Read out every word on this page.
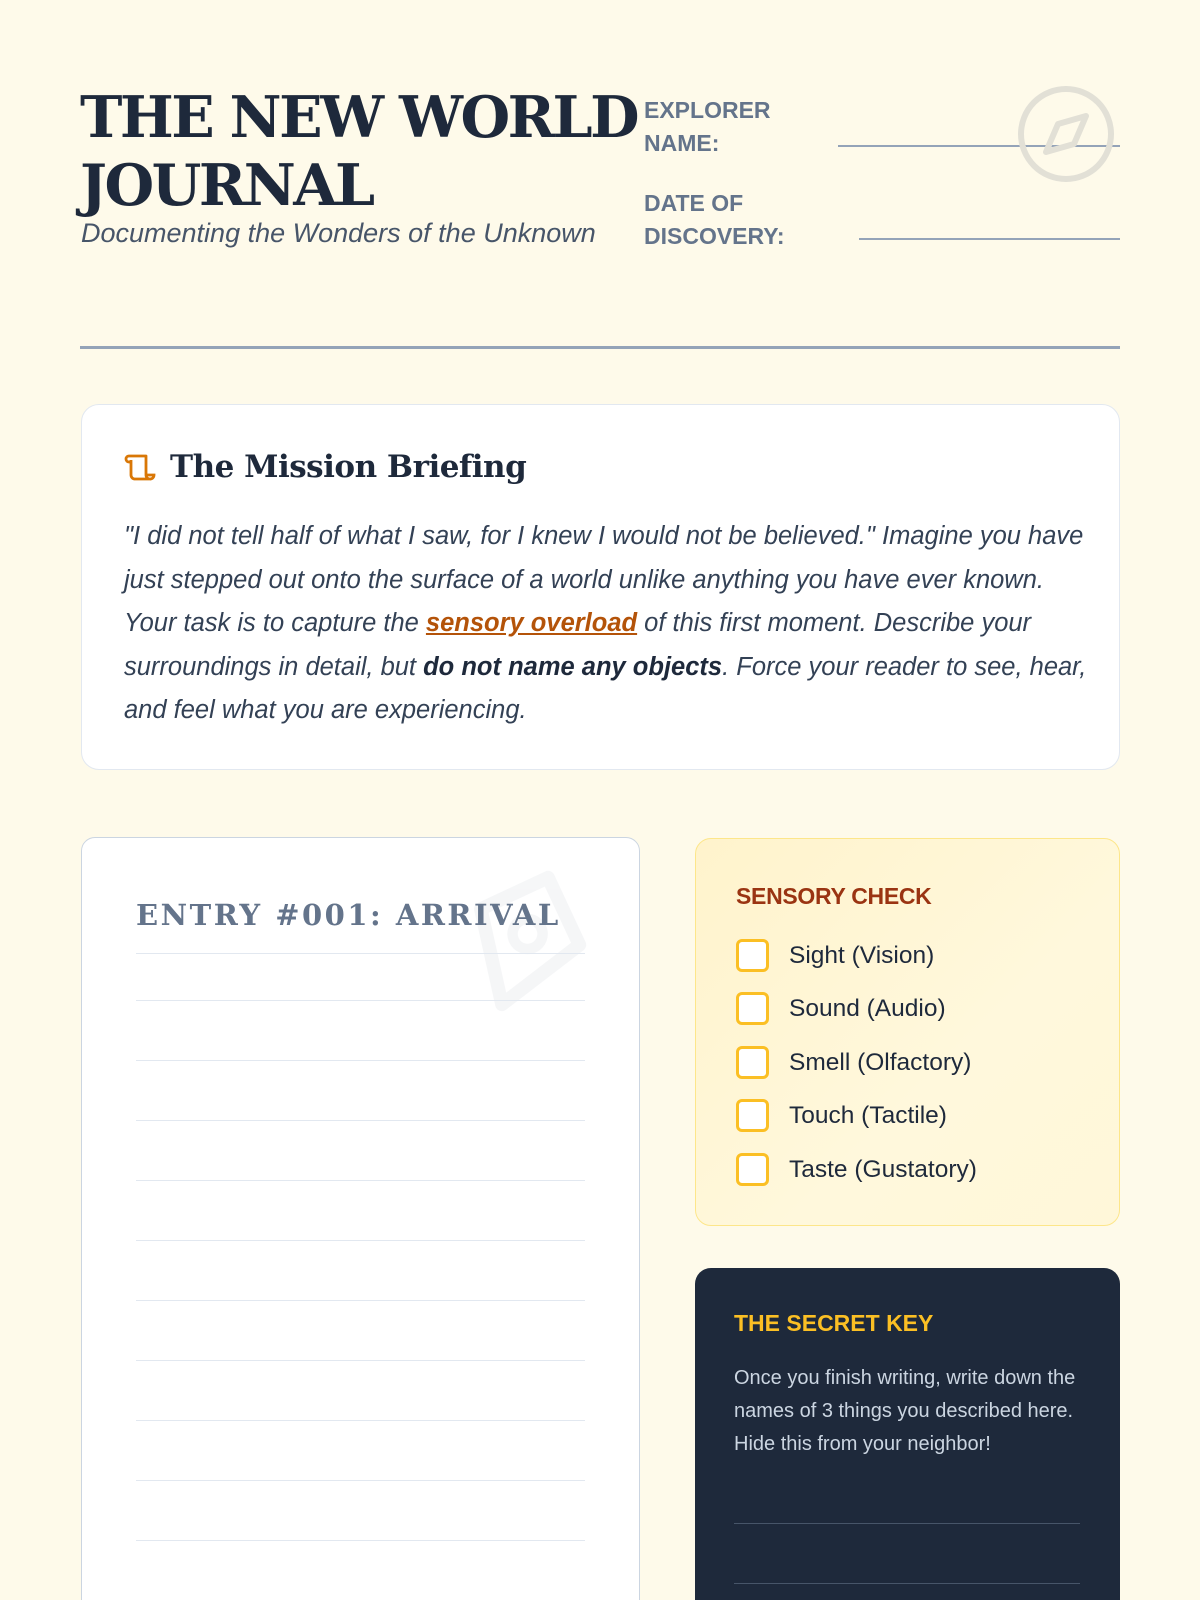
THE NEW WORLD JOURNAL
Documenting the Wonders of the Unknown
EXPLORER
NAME:
DATE OF
DISCOVERY:
The Mission Briefing

"I did not tell half of what I saw, for I knew I would not be believed." Imagine you have just stepped out onto the surface of a world unlike anything you have ever known. Your task is to capture the sensory overload of this first moment. Describe your surroundings in detail, but do not name any objects. Force your reader to see, hear, and feel what you are experiencing.

ENTRY #001: ARRIVAL
SENSORY CHECK
Sight (Vision)
Sound (Audio)
Smell (Olfactory)
Touch (Tactile)
Taste (Gustatory)
THE SECRET KEY

Once you finish writing, write down the names of 3 things you described here. Hide this from your neighbor!
